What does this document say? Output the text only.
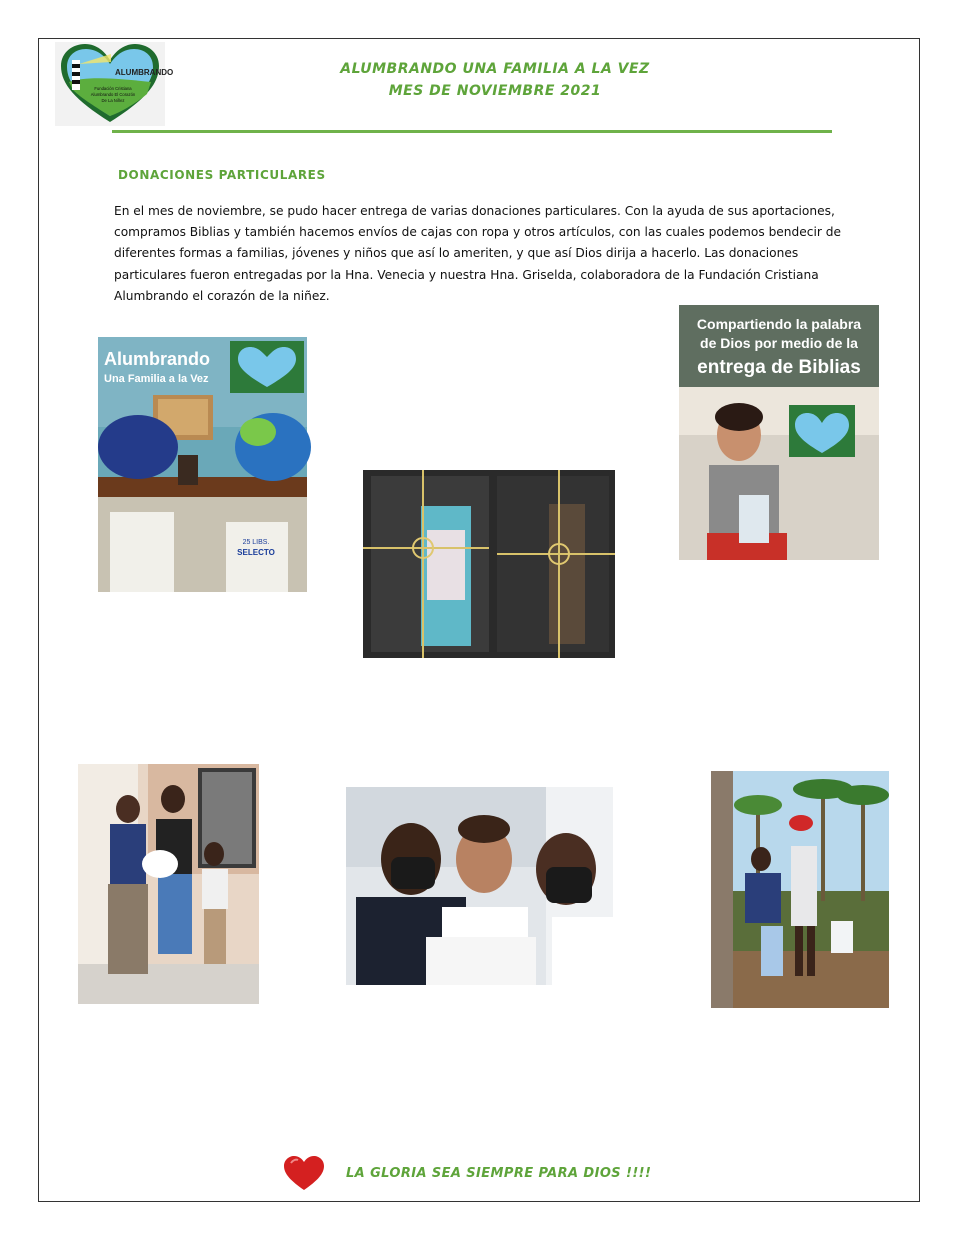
ALUMBRANDO
Fundación Cristiana
Alumbrando El Corazón
De La Niñez
ALUMBRANDO UNA FAMILIA A LA VEZ
MES DE NOVIEMBRE 2021
DONACIONES PARTICULARES
En el mes de noviembre, se pudo hacer entrega de varias donaciones particulares. Con la ayuda de sus aportaciones, compramos Biblias y también hacemos envíos de cajas con ropa y otros artículos, con las cuales podemos bendecir de diferentes formas a familias, jóvenes y niños que así lo ameriten, y que así Dios dirija a hacerlo. Las donaciones particulares fueron entregadas por la Hna. Venecia y nuestra Hna. Griselda, colaboradora de la Fundación Cristiana Alumbrando el corazón de la niñez.
25 LIBS.
SELECTO
Alumbrando
Una Familia a la Vez
Compartiendo la palabra
de Dios por medio de la
entrega de Biblias
LA GLORIA SEA SIEMPRE PARA DIOS !!!!
